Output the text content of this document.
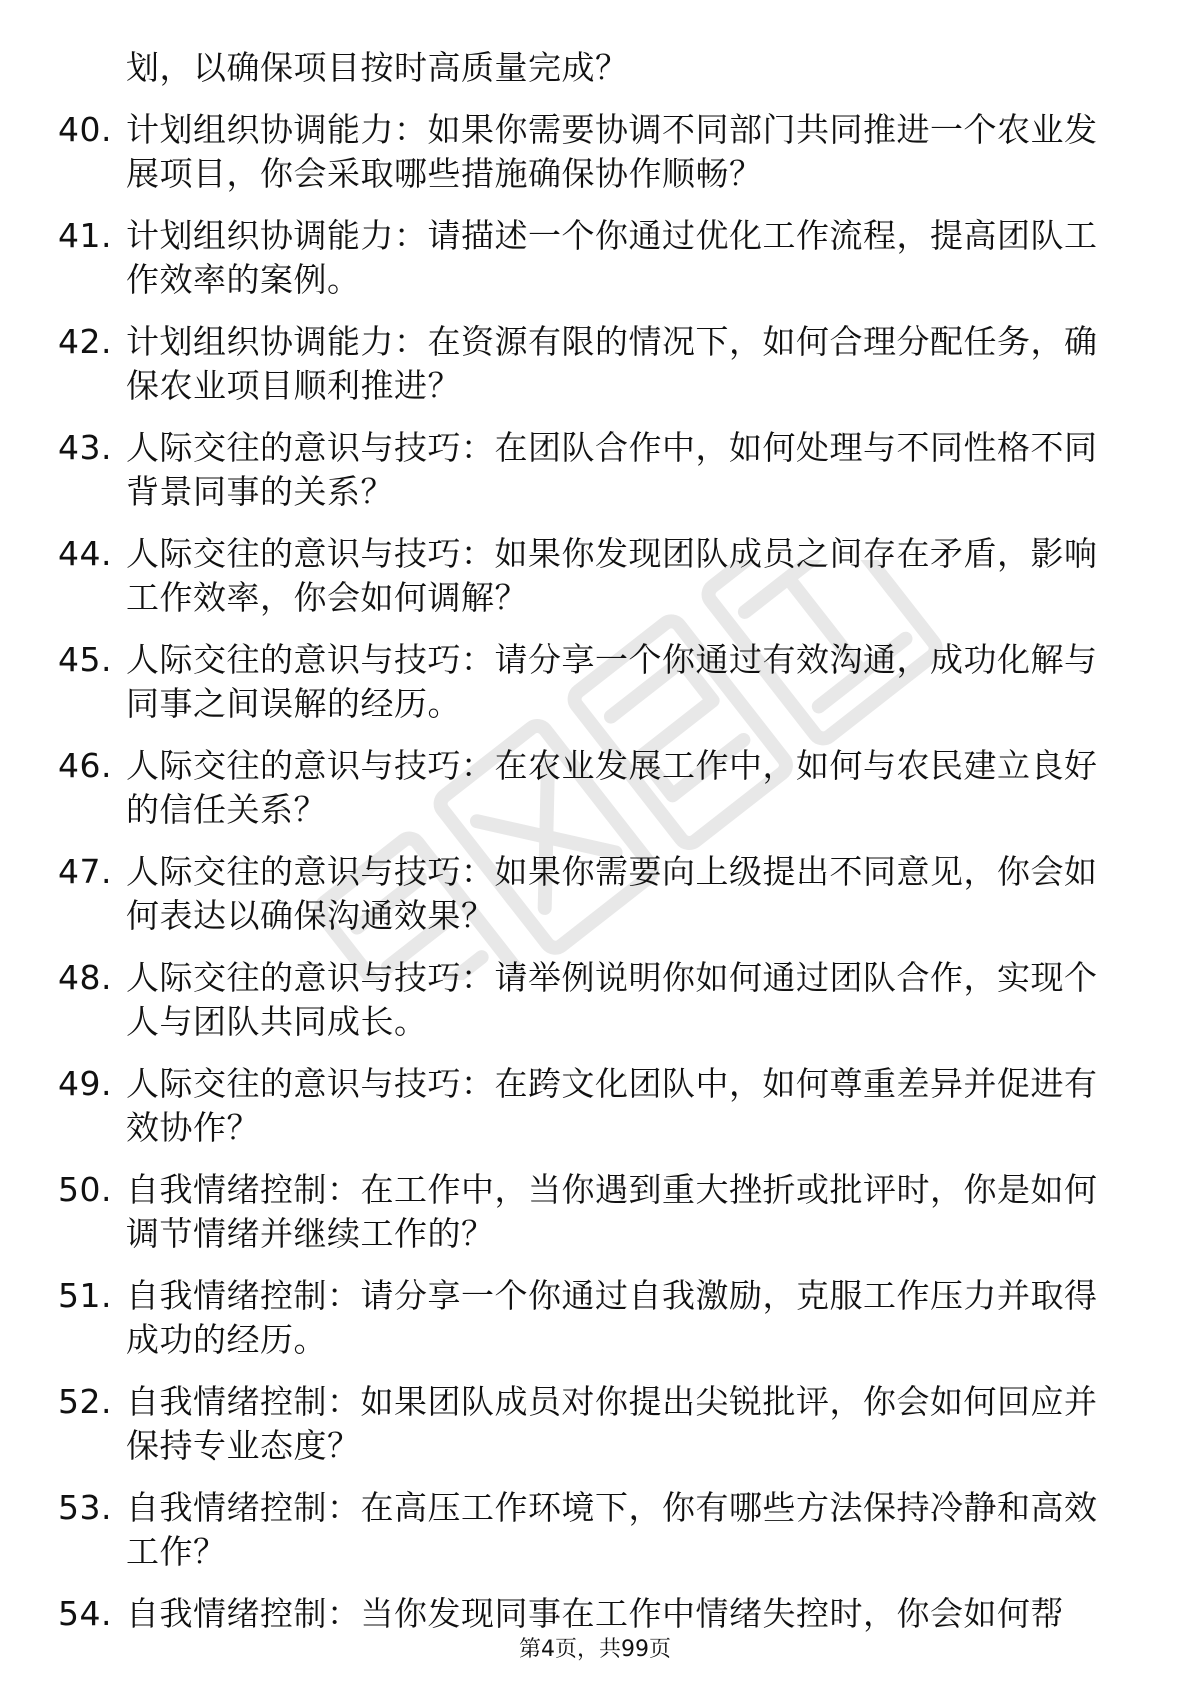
划，以确保项目按时高质量完成？
40. 计划组织协调能力：如果你需要协调不同部门共同推进一个农业发展项目，你会采取哪些措施确保协作顺畅？
41. 计划组织协调能力：请描述一个你通过优化工作流程，提高团队工作效率的案例。
42. 计划组织协调能力：在资源有限的情况下，如何合理分配任务，确保农业项目顺利推进？
43. 人际交往的意识与技巧：在团队合作中，如何处理与不同性格不同背景同事的关系？
44. 人际交往的意识与技巧：如果你发现团队成员之间存在矛盾，影响工作效率，你会如何调解？
45. 人际交往的意识与技巧：请分享一个你通过有效沟通，成功化解与同事之间误解的经历。
46. 人际交往的意识与技巧：在农业发展工作中，如何与农民建立良好的信任关系？
47. 人际交往的意识与技巧：如果你需要向上级提出不同意见，你会如何表达以确保沟通效果？
48. 人际交往的意识与技巧：请举例说明你如何通过团队合作，实现个人与团队共同成长。
49. 人际交往的意识与技巧：在跨文化团队中，如何尊重差异并促进有效协作？
50. 自我情绪控制：在工作中，当你遇到重大挫折或批评时，你是如何调节情绪并继续工作的？
51. 自我情绪控制：请分享一个你通过自我激励，克服工作压力并取得成功的经历。
52. 自我情绪控制：如果团队成员对你提出尖锐批评，你会如何回应并保持专业态度？
53. 自我情绪控制：在高压工作环境下，你有哪些方法保持冷静和高效工作？
54. 自我情绪控制：当你发现同事在工作中情绪失控时，你会如何帮
第4页，共99页
